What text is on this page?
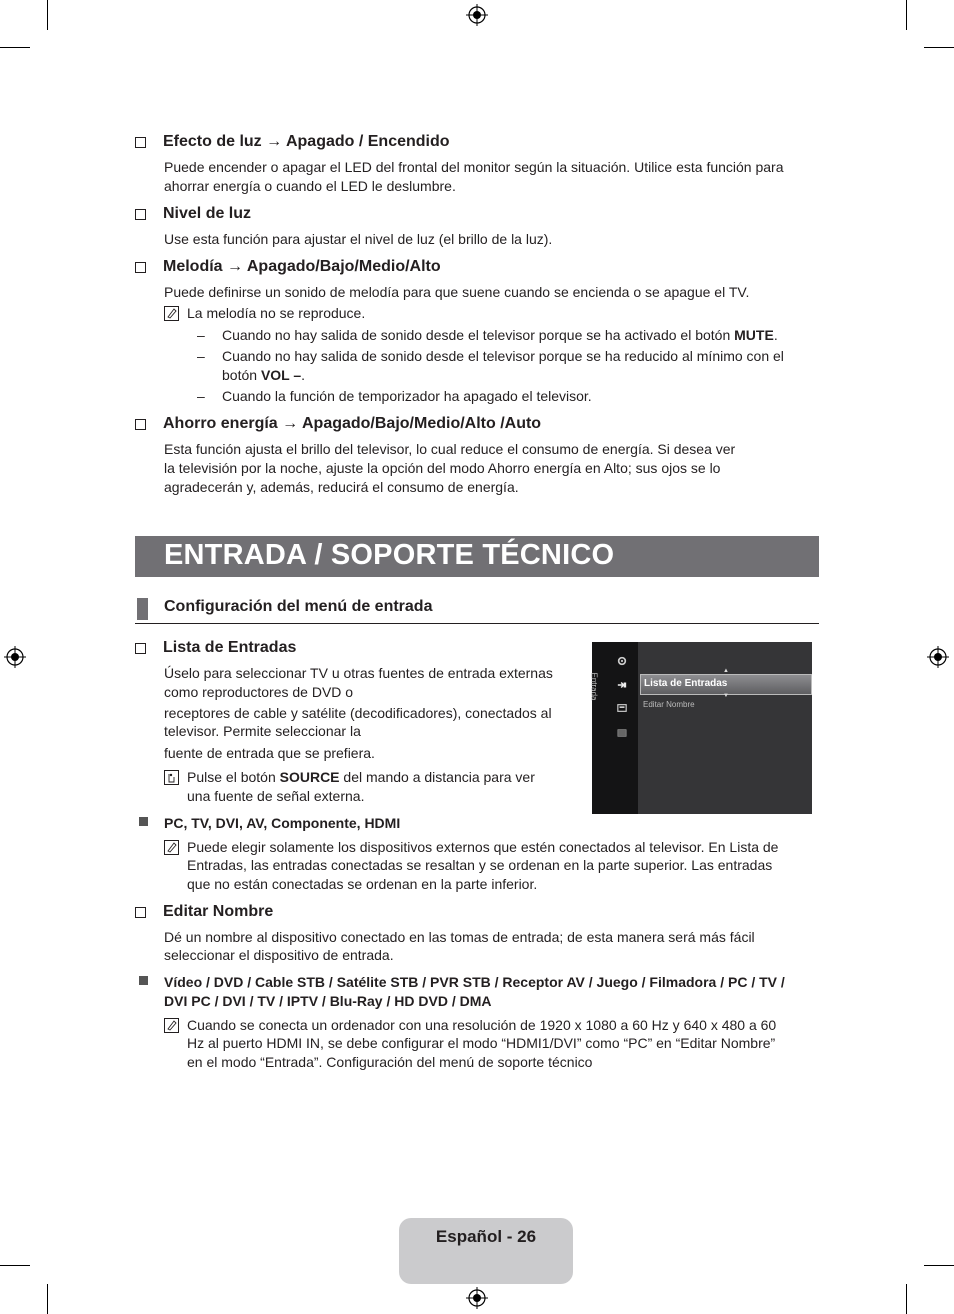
Efecto de luz → Apagado / Encendido
Puede encender o apagar el LED del frontal del monitor según la situación. Utilice esta función para
ahorrar energía o cuando el LED le deslumbre.
Nivel de luz
Use esta función para ajustar el nivel de luz (el brillo de la luz).
Melodía → Apagado/Bajo/Medio/Alto
Puede definirse un sonido de melodía para que suene cuando se encienda o se apague el TV.
La melodía no se reproduce.
–	Cuando no hay salida de sonido desde el televisor porque se ha activado el botón MUTE.
–	Cuando no hay salida de sonido desde el televisor porque se ha reducido al mínimo con el
botón VOL –.
–	Cuando la función de temporizador ha apagado el televisor.
Ahorro energía → Apagado/Bajo/Medio/Alto /Auto
Esta función ajusta el brillo del televisor, lo cual reduce el consumo de energía. Si desea ver
la televisión por la noche, ajuste la opción del modo Ahorro energía en Alto; sus ojos se lo
agradecerán y, además, reducirá el consumo de energía.
ENTRADA / SOPORTE TÉCNICO
Configuración del menú de entrada
Lista de Entradas
Úselo para seleccionar TV u otras fuentes de entrada externas
como reproductores de DVD o
receptores de cable y satélite (decodificadores), conectados al
televisor. Permite seleccionar la
fuente de entrada que se prefiera.
Pulse el botón SOURCE del mando a distancia para ver
una fuente de señal externa.
PC, TV, DVI, AV, Componente, HDMI
Puede elegir solamente los dispositivos externos que estén conectados al televisor. En Lista de
Entradas, las entradas conectadas se resaltan y se ordenan en la parte superior. Las entradas
que no están conectadas se ordenan en la parte inferior.
Editar Nombre
Dé un nombre al dispositivo conectado en las tomas de entrada; de esta manera será más fácil
seleccionar el dispositivo de entrada.
Vídeo / DVD / Cable STB / Satélite STB / PVR STB / Receptor AV / Juego / Filmadora / PC / TV /
DVI PC / DVI / TV / IPTV / Blu-Ray / HD DVD / DMA
Cuando se conecta un ordenador con una resolución de 1920 x 1080 a 60 Hz y 640 x 480 a 60
Hz al puerto HDMI IN, se debe configurar el modo “HDMI1/DVI” como “PC” en “Editar Nombre”
en el modo “Entrada”. Configuración del menú de soporte técnico
Entrada
▲
Lista de Entradas
▼
Editar Nombre
Español - 26
